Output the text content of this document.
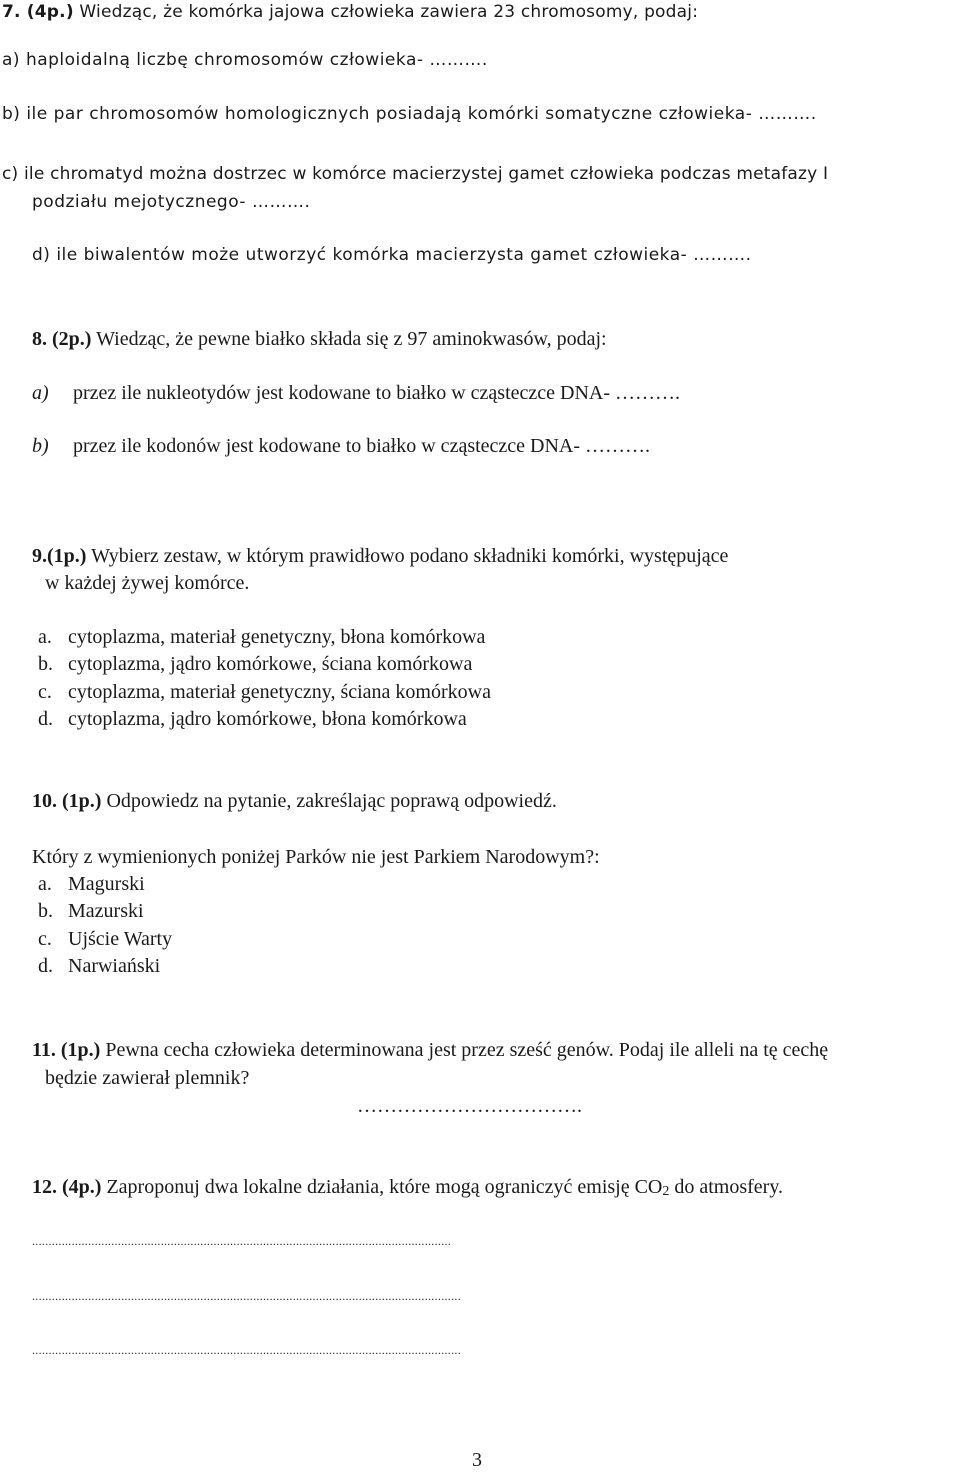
7. (4p.) Wiedząc, że komórka jajowa człowieka zawiera 23 chromosomy, podaj:
a) haploidalną liczbę chromosomów człowieka- ……….
b) ile par chromosomów homologicznych posiadają komórki somatyczne człowieka- ……….
c) ile chromatyd można dostrzec w komórce macierzystej gamet człowieka podczas metafazy I
podziału mejotycznego- ……….
d) ile biwalentów może utworzyć komórka macierzysta gamet człowieka- ……….
8. (2p.) Wiedząc, że pewne białko składa się z 97 aminokwasów, podaj:
a) przez ile nukleotydów jest kodowane to białko w cząsteczce DNA- ……….
b) przez ile kodonów jest kodowane to białko w cząsteczce DNA- ……….
9.(1p.) Wybierz zestaw, w którym prawidłowo podano składniki komórki, występujące
w każdej żywej komórce.
a. cytoplazma, materiał genetyczny, błona komórkowa
b. cytoplazma, jądro komórkowe, ściana komórkowa
c. cytoplazma, materiał genetyczny, ściana komórkowa
d. cytoplazma, jądro komórkowe, błona komórkowa
10. (1p.) Odpowiedz na pytanie, zakreślając poprawą odpowiedź.
Który z wymienionych poniżej Parków nie jest Parkiem Narodowym?:
a. Magurski
b. Mazurski
c. Ujście Warty
d. Narwiański
11. (1p.) Pewna cecha człowieka determinowana jest przez sześć genów. Podaj ile alleli na tę cechę
będzie zawierał plemnik?
…………………………….
12. (4p.) Zaproponuj dwa lokalne działania, które mogą ograniczyć emisję $CO_2$ do atmosfery.
...............................................................................................................................
..................................................................................................................................
..................................................................................................................................
3
